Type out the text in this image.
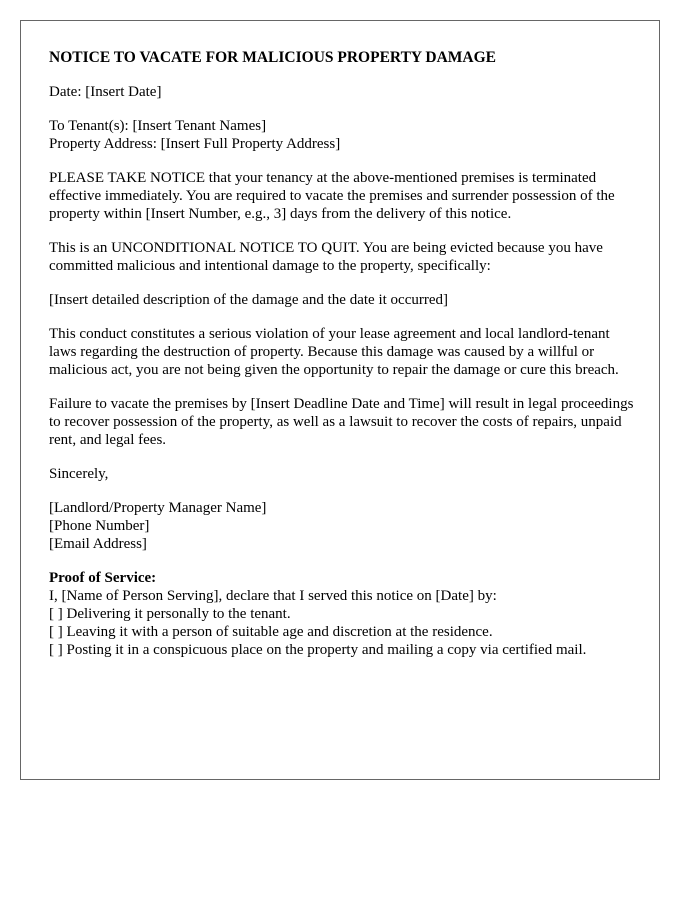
NOTICE TO VACATE FOR MALICIOUS PROPERTY DAMAGE
Date: [Insert Date]
To Tenant(s): [Insert Tenant Names]
Property Address: [Insert Full Property Address]
PLEASE TAKE NOTICE that your tenancy at the above-mentioned premises is terminated effective immediately. You are required to vacate the premises and surrender possession of the property within [Insert Number, e.g., 3] days from the delivery of this notice.
This is an UNCONDITIONAL NOTICE TO QUIT. You are being evicted because you have committed malicious and intentional damage to the property, specifically:
[Insert detailed description of the damage and the date it occurred]
This conduct constitutes a serious violation of your lease agreement and local landlord-tenant laws regarding the destruction of property. Because this damage was caused by a willful or malicious act, you are not being given the opportunity to repair the damage or cure this breach.
Failure to vacate the premises by [Insert Deadline Date and Time] will result in legal proceedings to recover possession of the property, as well as a lawsuit to recover the costs of repairs, unpaid rent, and legal fees.
Sincerely,
[Landlord/Property Manager Name]
[Phone Number]
[Email Address]
Proof of Service:
I, [Name of Person Serving], declare that I served this notice on [Date] by:
[ ] Delivering it personally to the tenant.
[ ] Leaving it with a person of suitable age and discretion at the residence.
[ ] Posting it in a conspicuous place on the property and mailing a copy via certified mail.
